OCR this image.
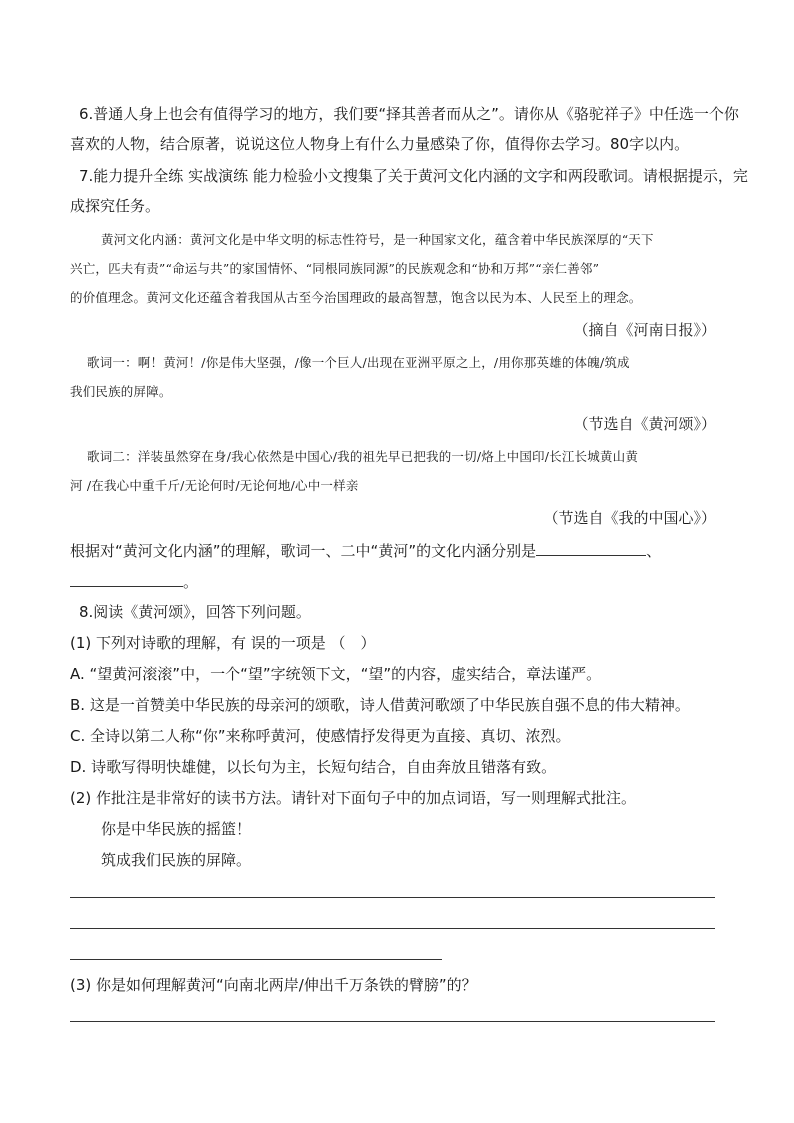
6.普通人身上也会有值得学习的地方，我们要“择其善者而从之”。请你从《骆驼祥子》中任选一个你
喜欢的人物，结合原著，说说这位人物身上有什么力量感染了你，值得你去学习。80字以内。
7.能力提升全练 实战演练 能力检验小文搜集了关于黄河文化内涵的文字和两段歌词。请根据提示，完
成探究任务。
黄河文化内涵：黄河文化是中华文明的标志性符号，是一种国家文化，蕴含着中华民族深厚的“天下
兴亡，匹夫有责”“命运与共”的家国情怀、“同根同族同源”的民族观念和“协和万邦”“亲仁善邻”
的价值理念。黄河文化还蕴含着我国从古至今治国理政的最高智慧，饱含以民为本、人民至上的理念。
（摘自《河南日报》）
歌词一：啊！黄河！/你是伟大坚强，/像一个巨人/出现在亚洲平原之上，/用你那英雄的体魄/筑成
我们民族的屏障。
（节选自《黄河颂》）
歌词二：洋装虽然穿在身/我心依然是中国心/我的祖先早已把我的一切/烙上中国印/长江长城黄山黄
河 /在我心中重千斤/无论何时/无论何地/心中一样亲
（节选自《我的中国心》）
根据对“黄河文化内涵”的理解，歌词一、二中“黄河”的文化内涵分别是	、
。
8.阅读《黄河颂》，回答下列问题。
(1) 下列对诗歌的理解，有 误的一项是 （　）
A. “望黄河滚滚”中，一个“望”字统领下文，“望”的内容，虚实结合，章法谨严。
B. 这是一首赞美中华民族的母亲河的颂歌，诗人借黄河歌颂了中华民族自强不息的伟大精神。
C. 全诗以第二人称“你”来称呼黄河，使感情抒发得更为直接、真切、浓烈。
D. 诗歌写得明快雄健，以长句为主，长短句结合，自由奔放且错落有致。
(2) 作批注是非常好的读书方法。请针对下面句子中的加点词语，写一则理解式批注。
你是中华民族的摇篮！
筑成我们民族的屏障。
(3) 你是如何理解黄河“向南北两岸/伸出千万条铁的臂膀”的？
